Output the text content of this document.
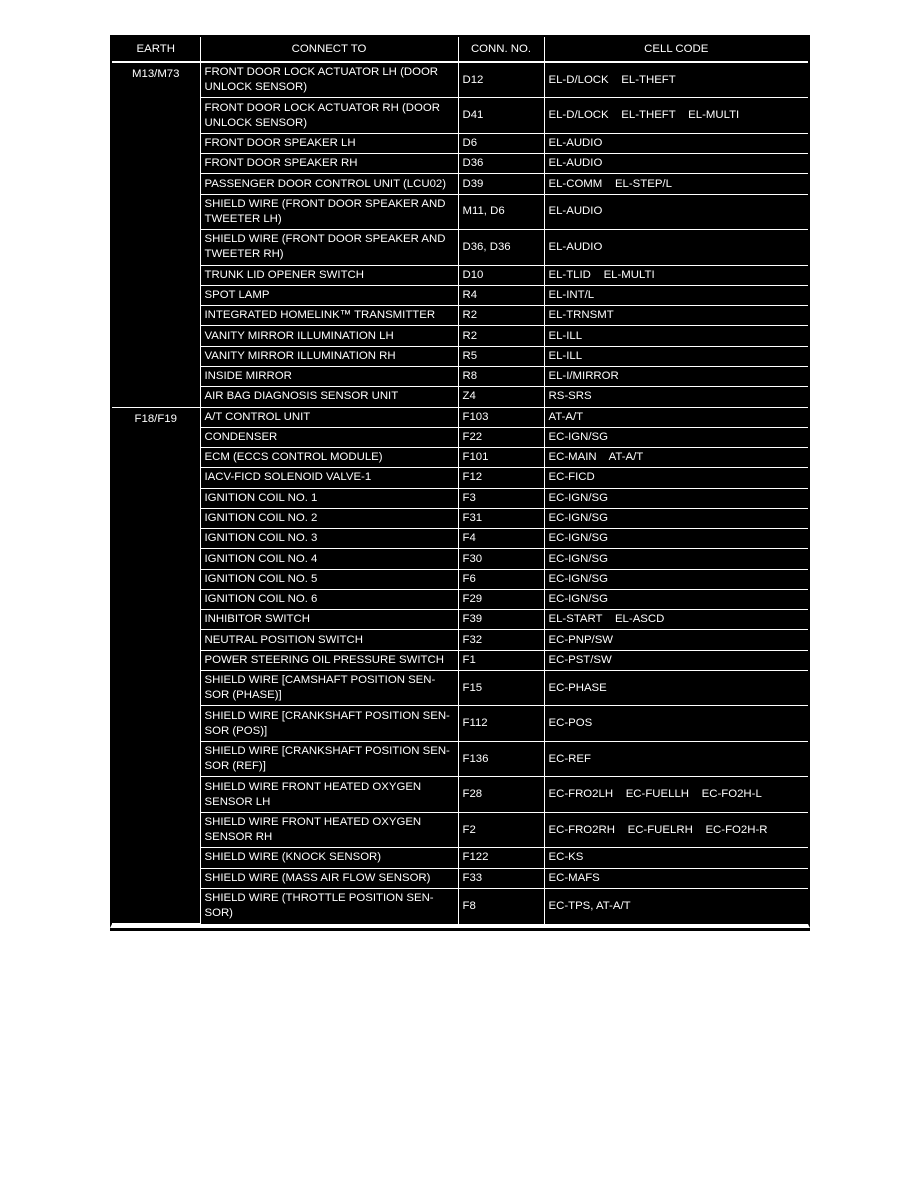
EARTH	CONNECT TO	CONN. NO.	CELL CODE
M13/M73	FRONT DOOR LOCK ACTUATOR LH (DOOR UNLOCK SENSOR)	D12	EL-D/LOCK    EL-THEFT
	FRONT DOOR LOCK ACTUATOR RH (DOOR UNLOCK SENSOR)	D41	EL-D/LOCK    EL-THEFT    EL-MULTI
	FRONT DOOR SPEAKER LH	D6	EL-AUDIO
	FRONT DOOR SPEAKER RH	D36	EL-AUDIO
	PASSENGER DOOR CONTROL UNIT (LCU02)	D39	EL-COMM    EL-STEP/L
	SHIELD WIRE (FRONT DOOR SPEAKER AND TWEETER LH)	M11, D6	EL-AUDIO
	SHIELD WIRE (FRONT DOOR SPEAKER AND TWEETER RH)	D36, D36	EL-AUDIO
	TRUNK LID OPENER SWITCH	D10	EL-TLID    EL-MULTI
	SPOT LAMP	R4	EL-INT/L
	INTEGRATED HOMELINK™ TRANSMITTER	R2	EL-TRNSMT
	VANITY MIRROR ILLUMINATION LH	R2	EL-ILL
	VANITY MIRROR ILLUMINATION RH	R5	EL-ILL
	INSIDE MIRROR	R8	EL-I/MIRROR
	AIR BAG DIAGNOSIS SENSOR UNIT	Z4	RS-SRS
F18/F19	A/T CONTROL UNIT	F103	AT-A/T
	CONDENSER	F22	EC-IGN/SG
	ECM (ECCS CONTROL MODULE)	F101	EC-MAIN    AT-A/T
	IACV-FICD SOLENOID VALVE-1	F12	EC-FICD
	IGNITION COIL NO. 1	F3	EC-IGN/SG
	IGNITION COIL NO. 2	F31	EC-IGN/SG
	IGNITION COIL NO. 3	F4	EC-IGN/SG
	IGNITION COIL NO. 4	F30	EC-IGN/SG
	IGNITION COIL NO. 5	F6	EC-IGN/SG
	IGNITION COIL NO. 6	F29	EC-IGN/SG
	INHIBITOR SWITCH	F39	EL-START    EL-ASCD
	NEUTRAL POSITION SWITCH	F32	EC-PNP/SW
	POWER STEERING OIL PRESSURE SWITCH	F1	EC-PST/SW
	SHIELD WIRE [CAMSHAFT POSITION SEN- SOR (PHASE)]	F15	EC-PHASE
	SHIELD WIRE [CRANKSHAFT POSITION SEN- SOR (POS)]	F112	EC-POS
	SHIELD WIRE [CRANKSHAFT POSITION SEN- SOR (REF)]	F136	EC-REF
	SHIELD WIRE FRONT HEATED OXYGEN SENSOR LH	F28	EC-FRO2LH    EC-FUELLH    EC-FO2H-L
	SHIELD WIRE FRONT HEATED OXYGEN SENSOR RH	F2	EC-FRO2RH    EC-FUELRH    EC-FO2H-R
	SHIELD WIRE (KNOCK SENSOR)	F122	EC-KS
	SHIELD WIRE (MASS AIR FLOW SENSOR)	F33	EC-MAFS
	SHIELD WIRE (THROTTLE POSITION SEN- SOR)	F8	EC-TPS, AT-A/T
